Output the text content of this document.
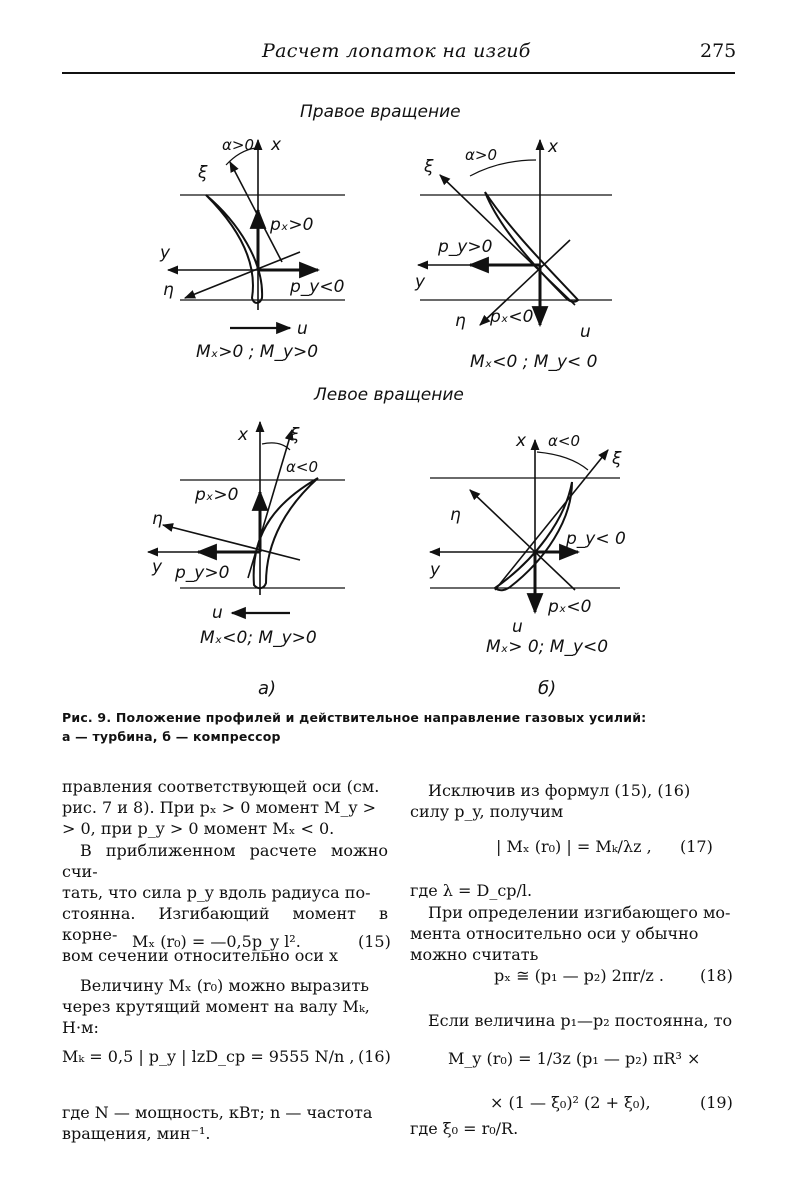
Расчет лопаток на изгиб	275
Правое вращение
x
α>0
ξ
pₓ>0
y
η	p_y<0
u
Mₓ>0 ; M_y>0
x
α>0
ξ
p_y>0
y
η pₓ<0
u
Mₓ<0 ; M_y< 0
Левое вращение
x ξ
α<0
pₓ>0
η
y p_y>0
u
Mₓ<0; M_y>0
x α<0
ξ
η
p_y< 0
y
pₓ<0
u
Mₓ> 0; M_y<0
а)	б)
Рис. 9. Положение профилей и действительное направление газовых усилий:
а — турбина, б — компрессор
правления соответствующей оси (см.
рис. 7 и 8). При pₓ > 0 момент M_y >
> 0, при p_y > 0 момент Mₓ < 0.
В приближенном расчете можно счи-
тать, что сила p_y вдоль радиуса по-
стоянна. Изгибающий момент в корне-
вом сечении относительно оси x
Mₓ (r₀) = —0,5p_y l².	(15)
Величину Mₓ (r₀) можно выразить
через крутящий момент на валу Mₖ,
Н·м:
Mₖ = 0,5 | p_y | lzD_cp = 9555 N/n , (16)
где N — мощность, кВт; n — частота
вращения, мин⁻¹.
Исключив из формул (15), (16)
силу p_y, получим
| Mₓ (r₀) | = Mₖ/λz , (17)
где λ = D_cp/l.
При определении изгибающего мо-
мента относительно оси y обычно
можно считать
pₓ ≅ (p₁ — p₂) 2πr/z . (18)
Если величина p₁—p₂ постоянна, то
M_y (r₀) = 1/3z (p₁ — p₂) πR³ ×
× (1 — ξ₀)² (2 + ξ₀),	(19)
где ξ₀ = r₀/R.
